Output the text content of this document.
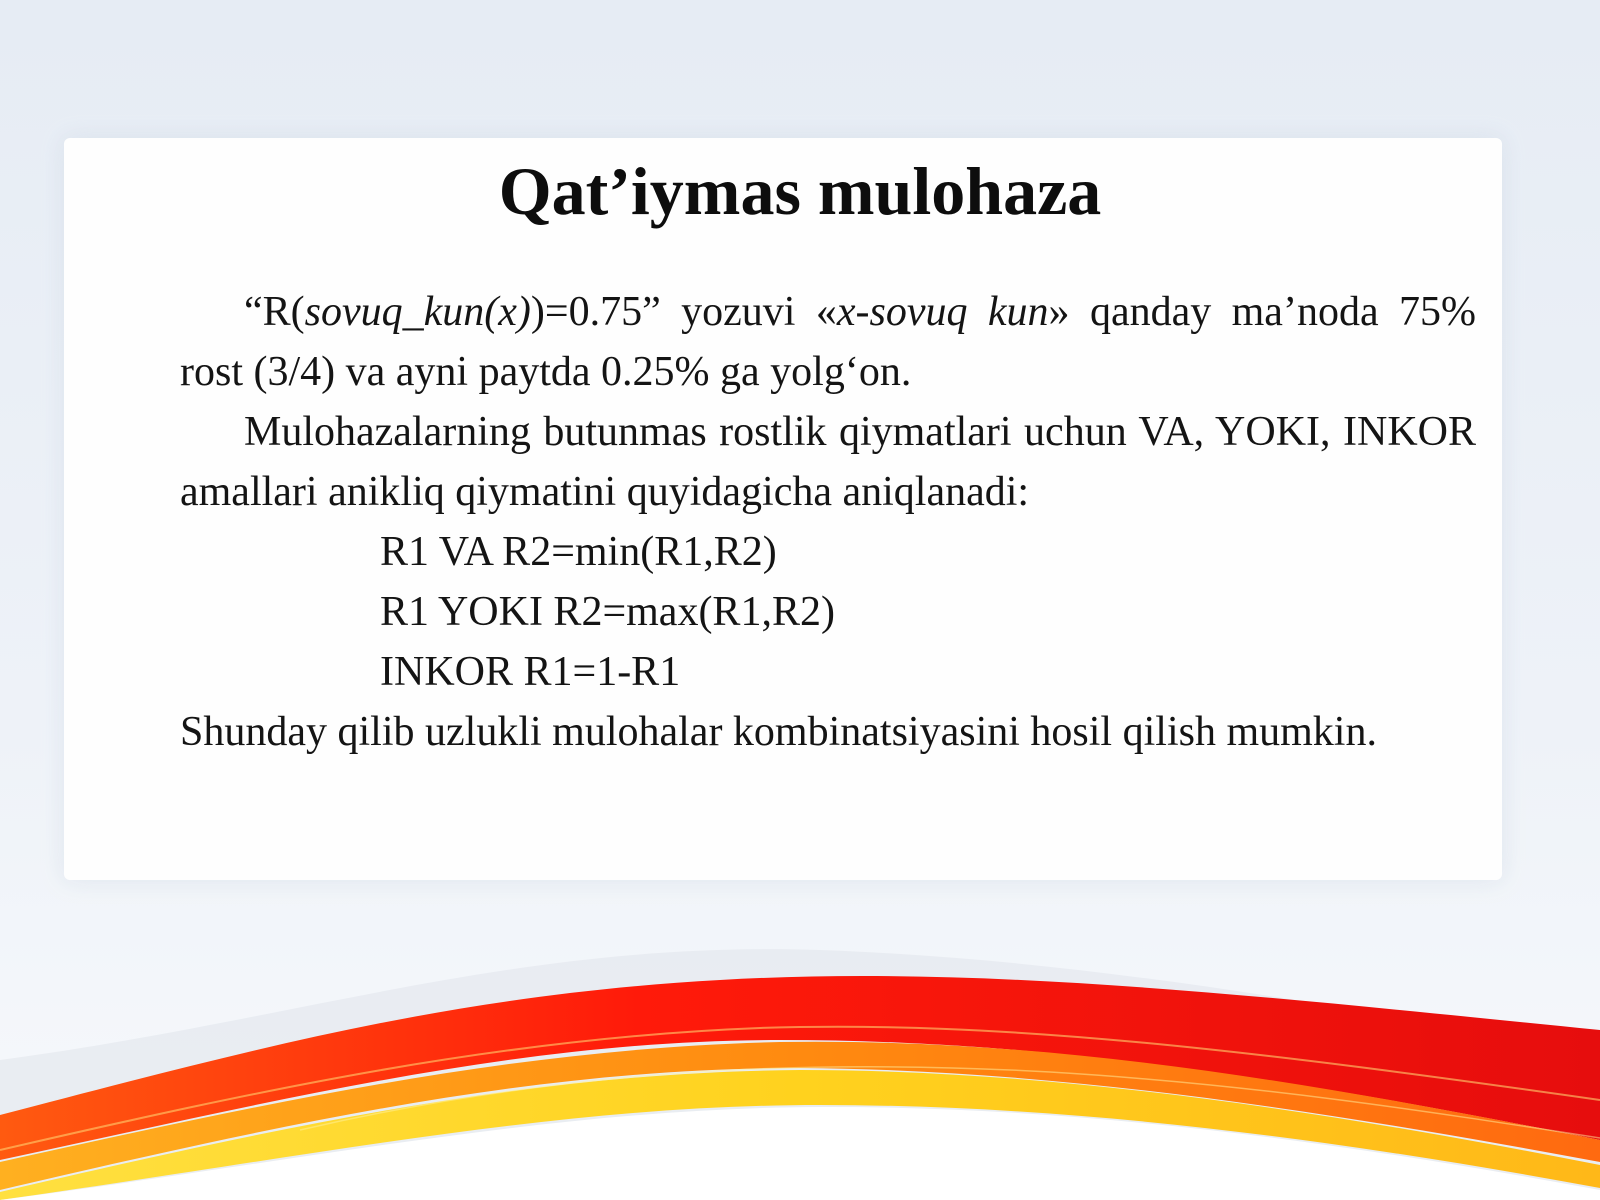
Qat’iymas mulohaza

“R(sovuq_kun(x))=0.75” yozuvi «x-sovuq kun» qanday ma’noda 75% rost (3/4) va ayni paytda 0.25% ga yolg‘on.

Mulohazalarning butunmas rostlik qiymatlari uchun VA, YOKI, INKOR amallari anikliq qiymatini quyidagicha aniqlanadi:

R1 VA R2=min(R1,R2)
R1 YOKI R2=max(R1,R2)
INKOR R1=1-R1

Shunday qilib uzlukli mulohalar kombinatsiyasini hosil qilish mumkin.
